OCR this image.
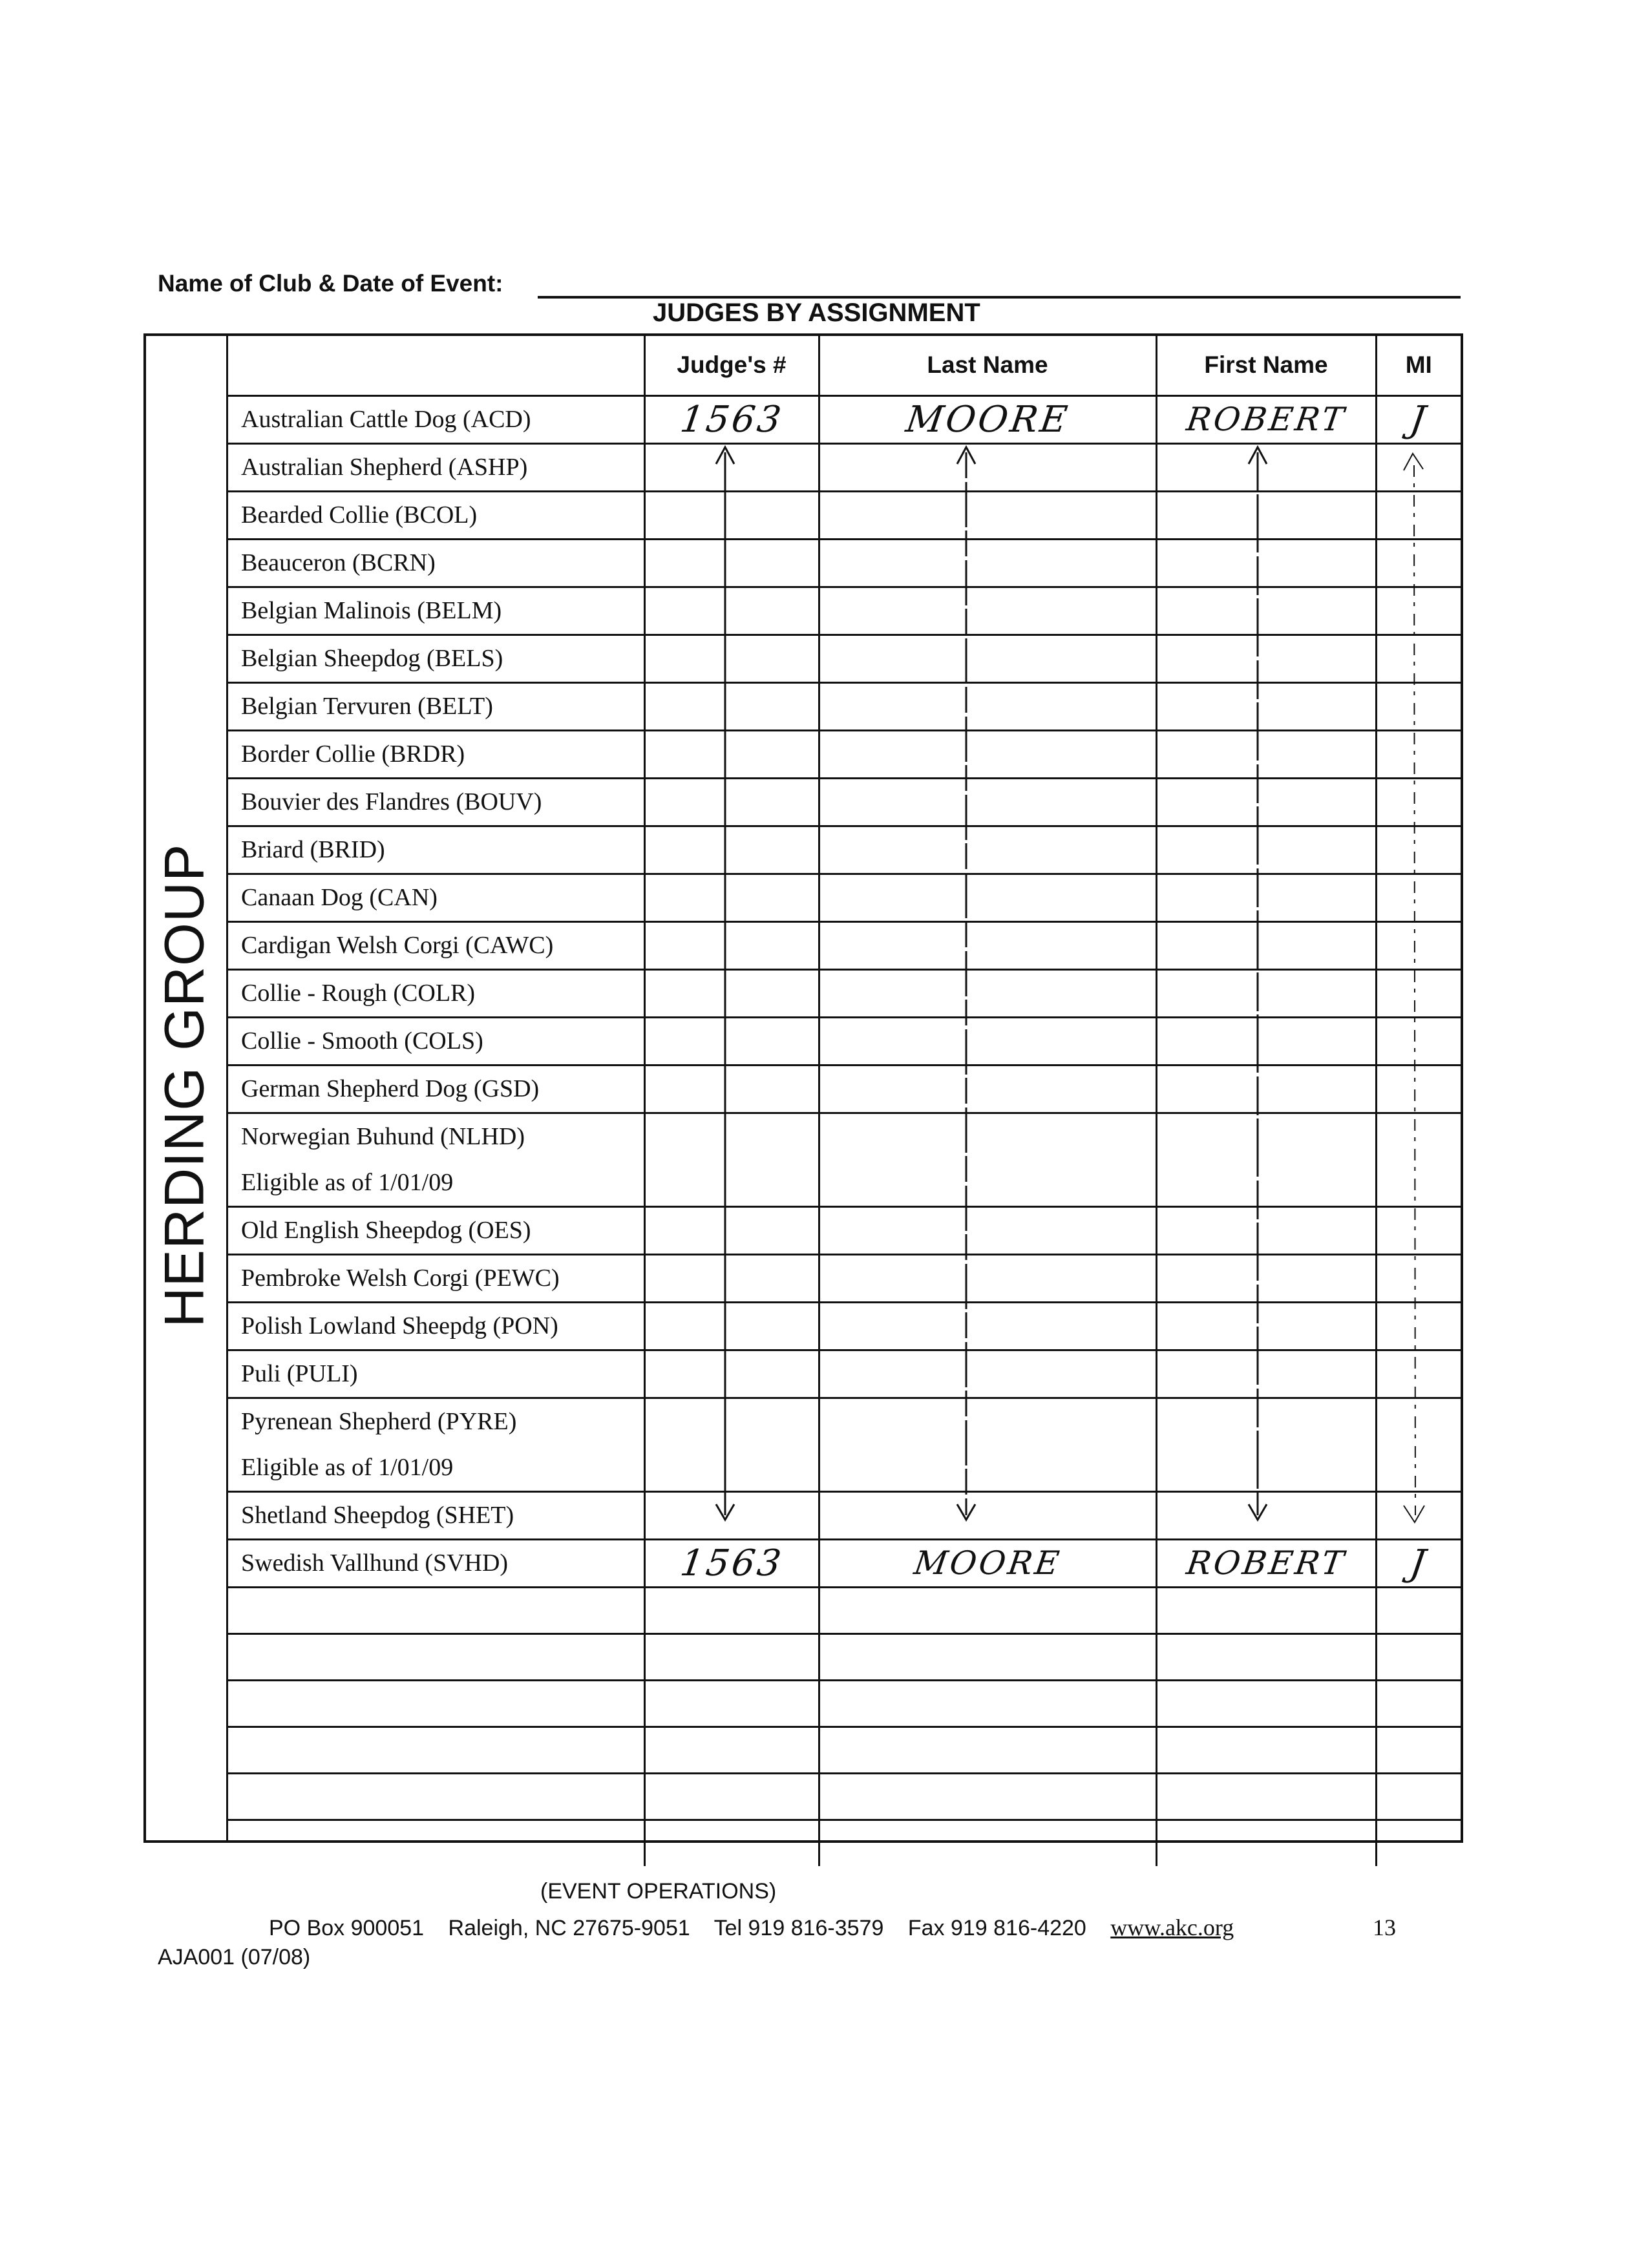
Name of Club & Date of Event:
JUDGES BY ASSIGNMENT
HERDING GROUP
	Judge's #	Last Name	First Name	MI
Australian Cattle Dog (ACD)	1563	MOORE	ROBERT	J

Australian Shepherd (ASHP)				
Bearded Collie (BCOL)				
Beauceron (BCRN)				
Belgian Malinois (BELM)				
Belgian Sheepdog (BELS)				
Belgian Tervuren (BELT)				
Border Collie (BRDR)				
Bouvier des Flandres (BOUV)				
Briard (BRID)				
Canaan Dog (CAN)				
Cardigan Welsh Corgi (CAWC)				
Collie - Rough (COLR)				
Collie - Smooth (COLS)				
German Shepherd Dog (GSD)				

Norwegian Buhund (NLHD)
Eligible as of 1/01/09				

Old English Sheepdog (OES)				
Pembroke Welsh Corgi (PEWC)				
Polish Lowland Sheepdg (PON)				
Puli (PULI)				

Pyrenean Shepherd (PYRE)
Eligible as of 1/01/09				

Shetland Sheepdog (SHET)				
Swedish Vallhund (SVHD)	1563	MOORE	ROBERT	J

(EVENT OPERATIONS)
PO Box 900051 Raleigh, NC 27675-9051 Tel 919 816-3579 Fax 919 816-4220 www.akc.org	13
AJA001 (07/08)
